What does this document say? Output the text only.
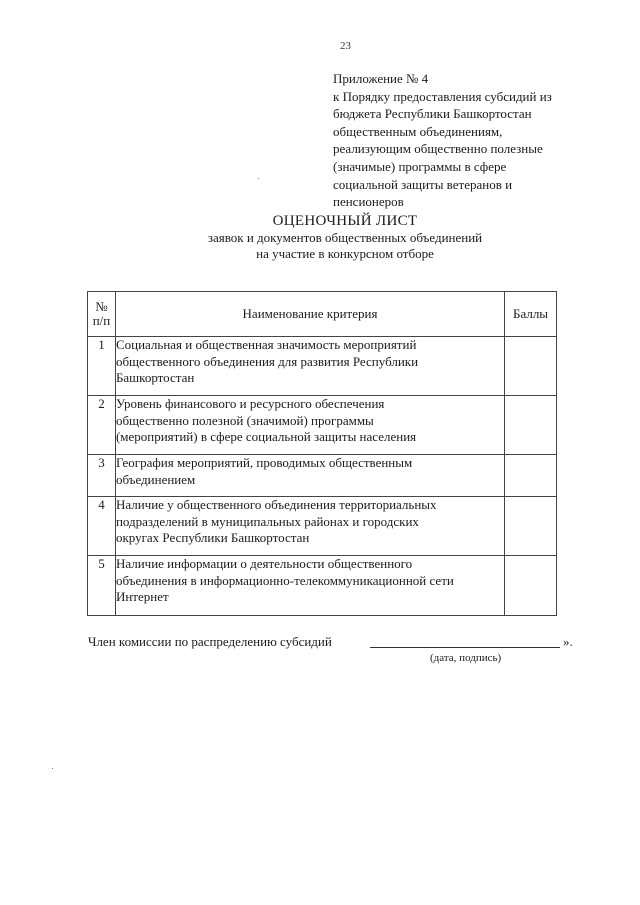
23
Приложение № 4
к Порядку предоставления субсидий из
бюджета Республики Башкортостан
общественным объединениям,
реализующим общественно полезные
(значимые) программы в сфере
социальной защиты ветеранов и
пенсионеров
ОЦЕНОЧНЫЙ ЛИСТ
заявок и документов общественных объединений
на участие в конкурсном отборе
№
п/п	Наименование критерия	Баллы
1	Социальная и общественная значимость мероприятий
общественного объединения для развития Республики
Башкортостан	

2	Уровень финансового и ресурсного обеспечения
общественно полезной (значимой) программы
(мероприятий) в сфере социальной защиты населения	

3	География мероприятий, проводимых общественным
объединением	

4	Наличие у общественного объединения территориальных
подразделений в муниципальных районах и городских
округах Республики Башкортостан	

5	Наличие информации о деятельности общественного
объединения в информационно-телекоммуникационной сети
Интернет	

Член комиссии по распределению субсидий	».
(дата, подпись)
